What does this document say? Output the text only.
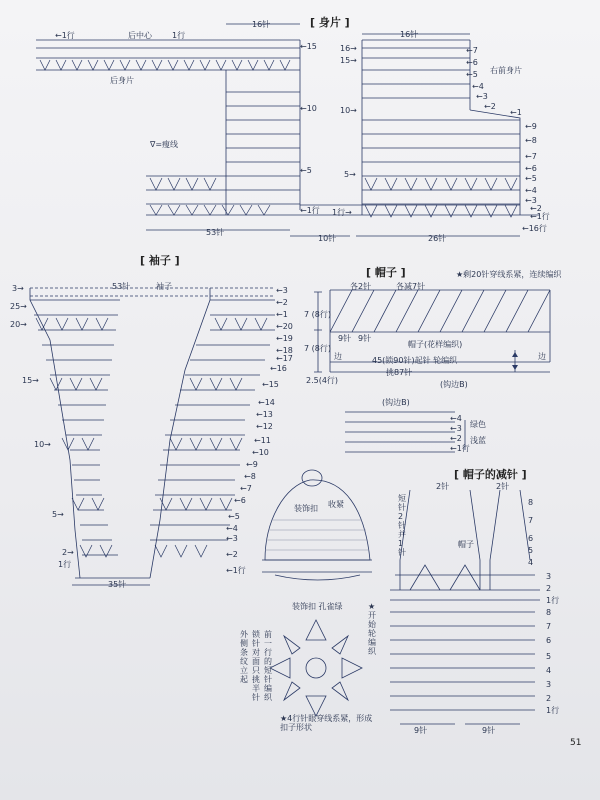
[ 身片 ]
16针
16针
←1行	后中心	1行
后身片
右前身片
∇=瘦线
53针
10针	26针
←15
←10
←5
←1行
16→
15→
10→
5→
1行→
←7
←6
←5
←4
←3
←2
←1
←9
←8
←7
←6
←5
←4
←3
←2
←1行
←16行
[ 袖子 ]
53针	袖子
35针
3→
25→
20→
15→
10→
5→
2→
1行
←3
←2
←1
←20
←19
←18
←17
←16
←15
←14
←13
←12
←11
←10
←9
←8
←7
←6
←5
←4
←3
←2
←1行
7 (8行)
7 (8行)
2.5(4行)
[ 帽子 ]
各2针	各减7针
★剩20针穿线系紧，连续编织
9针 9针
帽子(花样编织)
边	边
45(锁90针)起针 轮编织
挑87针
(钩边B)
(钩边B)
←4
←3
←2
←1行
绿色
浅蓝
装饰扣 收紧
装饰扣 孔雀绿
前一行的短针编织
锁针对面只挑半针
外侧条纹立起
★4行针眼穿线系紧，形成扣子形状
[ 帽子的减针 ]
2针	2针
短针2针并1针
帽子
★开始轮编织
9针	9针
8
7
6
5
4
3
2
1行
8
7
6
5
4
3
2
1行
51
